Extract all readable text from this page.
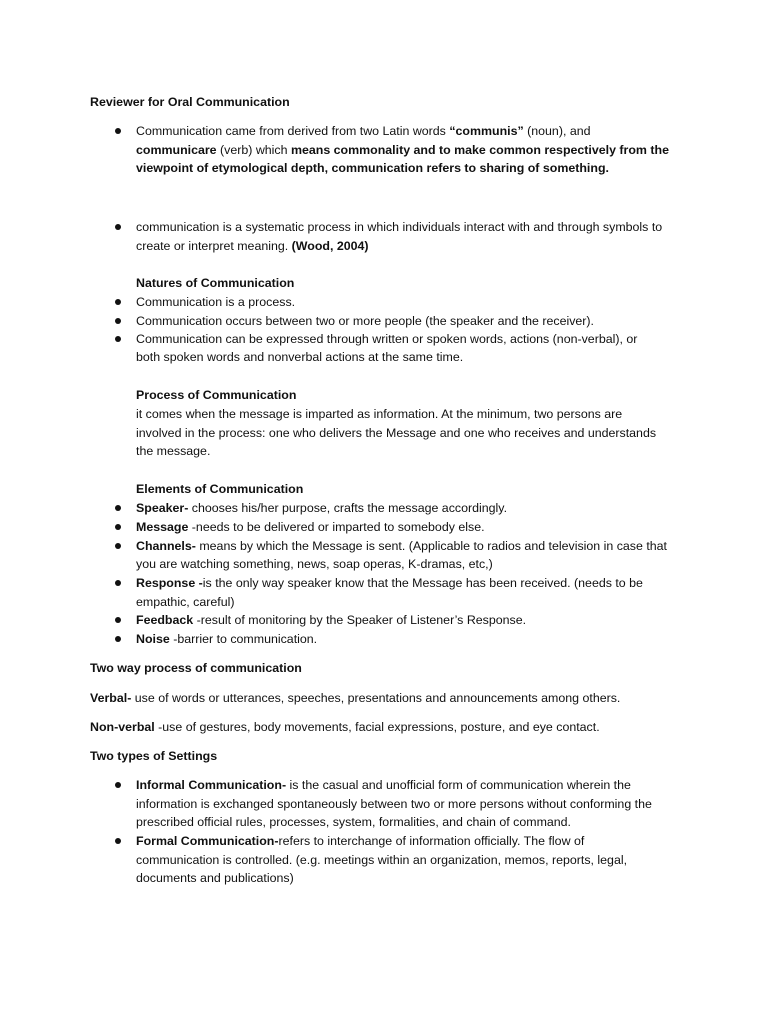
Reviewer for Oral Communication
Communication came from derived from two Latin words “communis” (noun), and
communicare (verb) which means commonality and to make common respectively from the
viewpoint of etymological depth, communication refers to sharing of something.
communication is a systematic process in which individuals interact with and through symbols to
create or interpret meaning. (Wood, 2004)
Natures of Communication
Communication is a process.
Communication occurs between two or more people (the speaker and the receiver).
Communication can be expressed through written or spoken words, actions (non-verbal), or
both spoken words and nonverbal actions at the same time.
Process of Communication
it comes when the message is imparted as information. At the minimum, two persons are
involved in the process: one who delivers the Message and one who receives and understands
the message.
Elements of Communication
Speaker- chooses his/her purpose, crafts the message accordingly.
Message -needs to be delivered or imparted to somebody else.
Channels- means by which the Message is sent. (Applicable to radios and television in case that
you are watching something, news, soap operas, K-dramas, etc,)
Response -is the only way speaker know that the Message has been received. (needs to be
empathic, careful)
Feedback -result of monitoring by the Speaker of Listener’s Response.
Noise -barrier to communication.
Two way process of communication
Verbal- use of words or utterances, speeches, presentations and announcements among others.
Non-verbal -use of gestures, body movements, facial expressions, posture, and eye contact.
Two types of Settings
Informal Communication- is the casual and unofficial form of communication wherein the
information is exchanged spontaneously between two or more persons without conforming the
prescribed official rules, processes, system, formalities, and chain of command.
Formal Communication-refers to interchange of information officially. The flow of
communication is controlled. (e.g. meetings within an organization, memos, reports, legal,
documents and publications)
